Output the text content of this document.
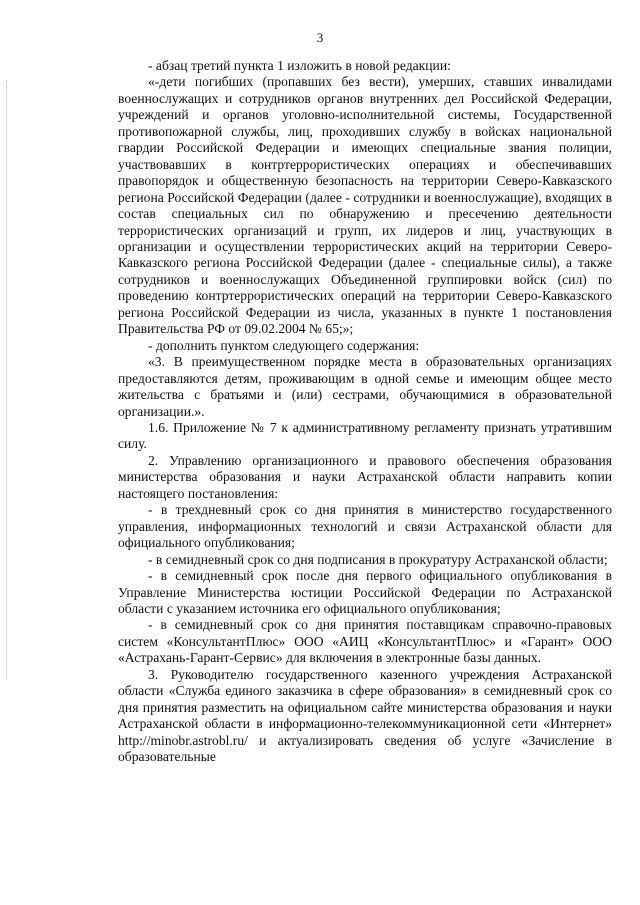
3

- абзац третий пункта 1 изложить в новой редакции:

«-дети погибших (пропавших без вести), умерших, ставших инвалидами военнослужащих и сотрудников органов внутренних дел Российской Федерации, учреждений и органов уголовно-исполнительной системы, Государственной противопожарной службы, лиц, проходивших службу в войсках национальной гвардии Российской Федерации и имеющих специальные звания полиции, участвовавших в контртеррористических операциях и обеспечивавших правопорядок и общественную безопасность на территории Северо-Кавказского региона Российской Федерации (далее - сотрудники и военнослужащие), входящих в состав специальных сил по обнаружению и пресечению деятельности террористических организаций и групп, их лидеров и лиц, участвующих в организации и осуществлении террористических акций на территории Северо-Кавказского региона Российской Федерации (далее - специальные силы), а также сотрудников и военнослужащих Объединенной группировки войск (сил) по проведению контртеррористических операций на территории Северо-Кавказского региона Российской Федерации из числа, указанных в пункте 1 постановления Правительства РФ от 09.02.2004 № 65;»;

- дополнить пунктом следующего содержания:

«3. В преимущественном порядке места в образовательных организациях предоставляются детям, проживающим в одной семье и имеющим общее место жительства с братьями и (или) сестрами, обучающимися в образовательной организации.».

1.6. Приложение № 7 к административному регламенту признать утратившим силу.

2. Управлению организационного и правового обеспечения образования министерства образования и науки Астраханской области направить копии настоящего постановления:

- в трехдневный срок со дня принятия в министерство государственного управления, информационных технологий и связи Астраханской области для официального опубликования;

- в семидневный срок со дня подписания в прокуратуру Астраханской области;

- в семидневный срок после дня первого официального опубликования в Управление Министерства юстиции Российской Федерации по Астраханской области с указанием источника его официального опубликования;

- в семидневный срок со дня принятия поставщикам справочно-правовых систем «КонсультантПлюс» ООО «АИЦ «КонсультантПлюс» и «Гарант» ООО «Астрахань-Гарант-Сервис» для включения в электронные базы данных.

3. Руководителю государственного казенного учреждения Астраханской области «Служба единого заказчика в сфере образования» в семидневный срок со дня принятия разместить на официальном сайте министерства образования и науки Астраханской области в информационно-телекоммуникационной сети «Интернет» http://minobr.astrobl.ru/ и актуализировать сведения об услуге «Зачисление в образовательные
